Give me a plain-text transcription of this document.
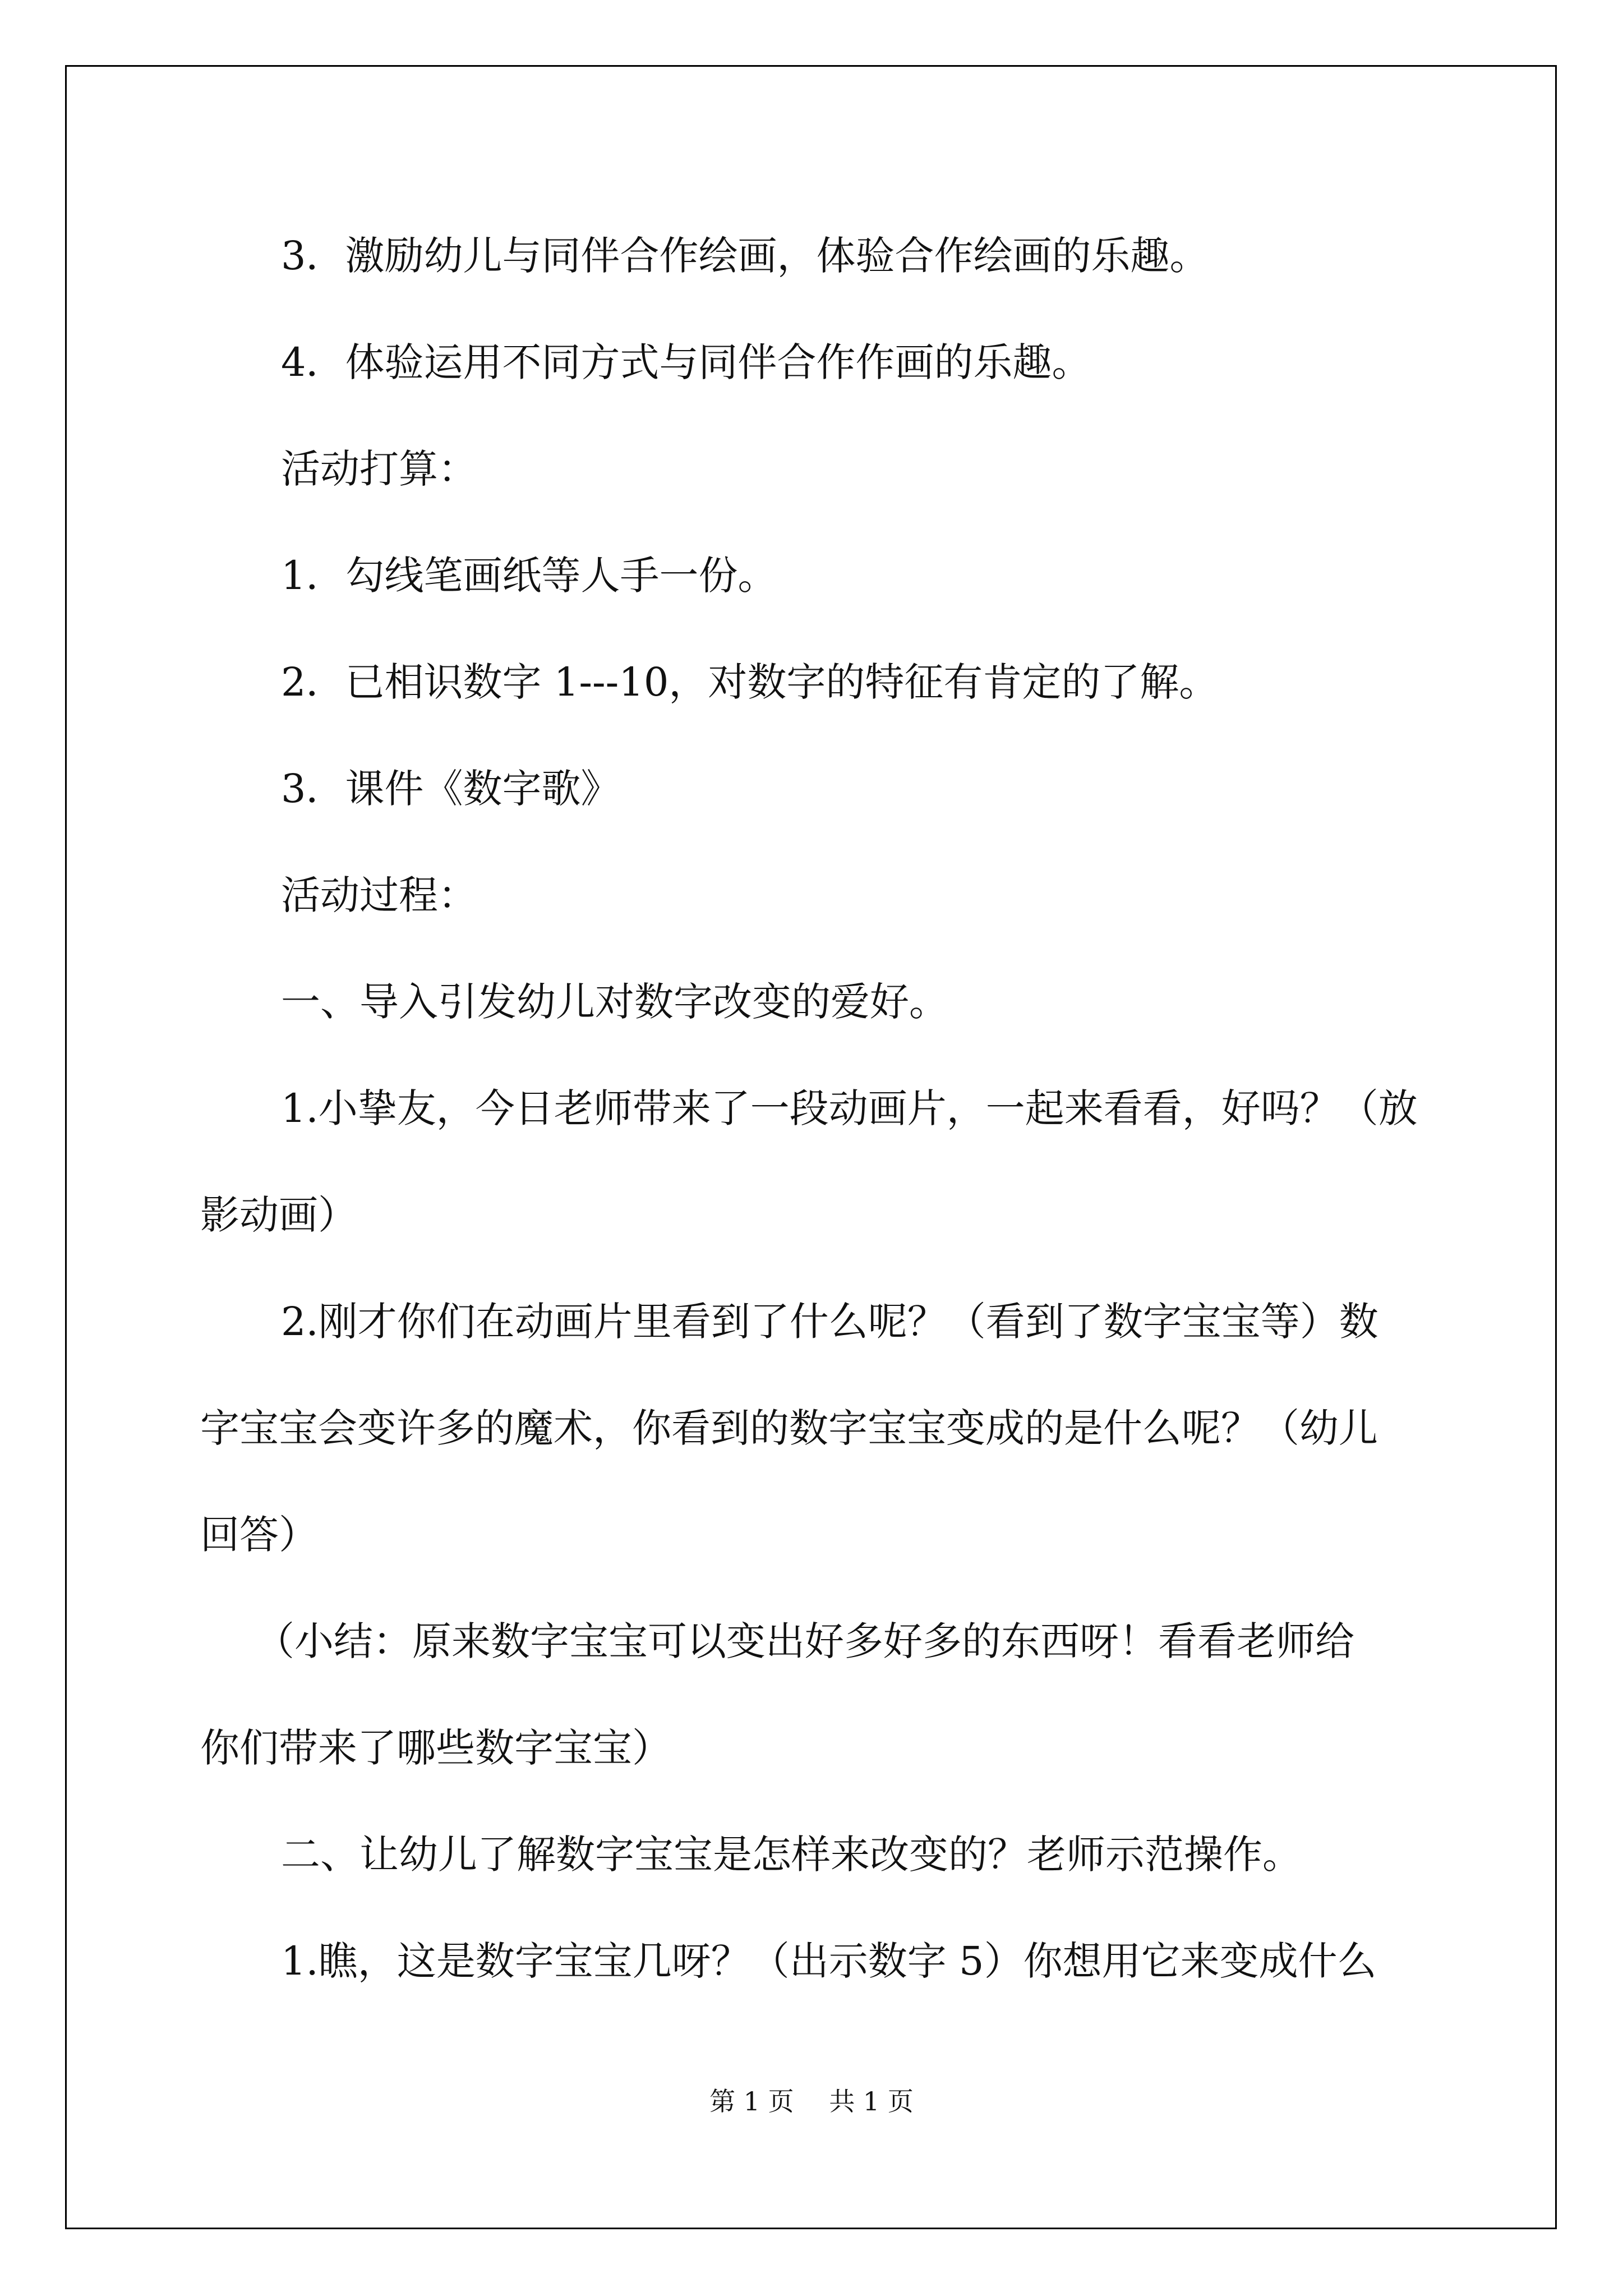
3．激励幼儿与同伴合作绘画，体验合作绘画的乐趣。

4．体验运用不同方式与同伴合作作画的乐趣。

活动打算：

1．勾线笔画纸等人手一份。

2．已相识数字 1---10，对数字的特征有肯定的了解。

3．课件《数字歌》

活动过程：

一、导入引发幼儿对数字改变的爱好。

1.小挚友，今日老师带来了一段动画片，一起来看看，好吗？（放

影动画）

2.刚才你们在动画片里看到了什么呢？（看到了数字宝宝等）数

字宝宝会变许多的魔术，你看到的数字宝宝变成的是什么呢？（幼儿

回答）

（小结：原来数字宝宝可以变出好多好多的东西呀！看看老师给

你们带来了哪些数字宝宝）

二、让幼儿了解数字宝宝是怎样来改变的？老师示范操作。

1.瞧，这是数字宝宝几呀？（出示数字 5）你想用它来变成什么

第 1 页 共 1 页
